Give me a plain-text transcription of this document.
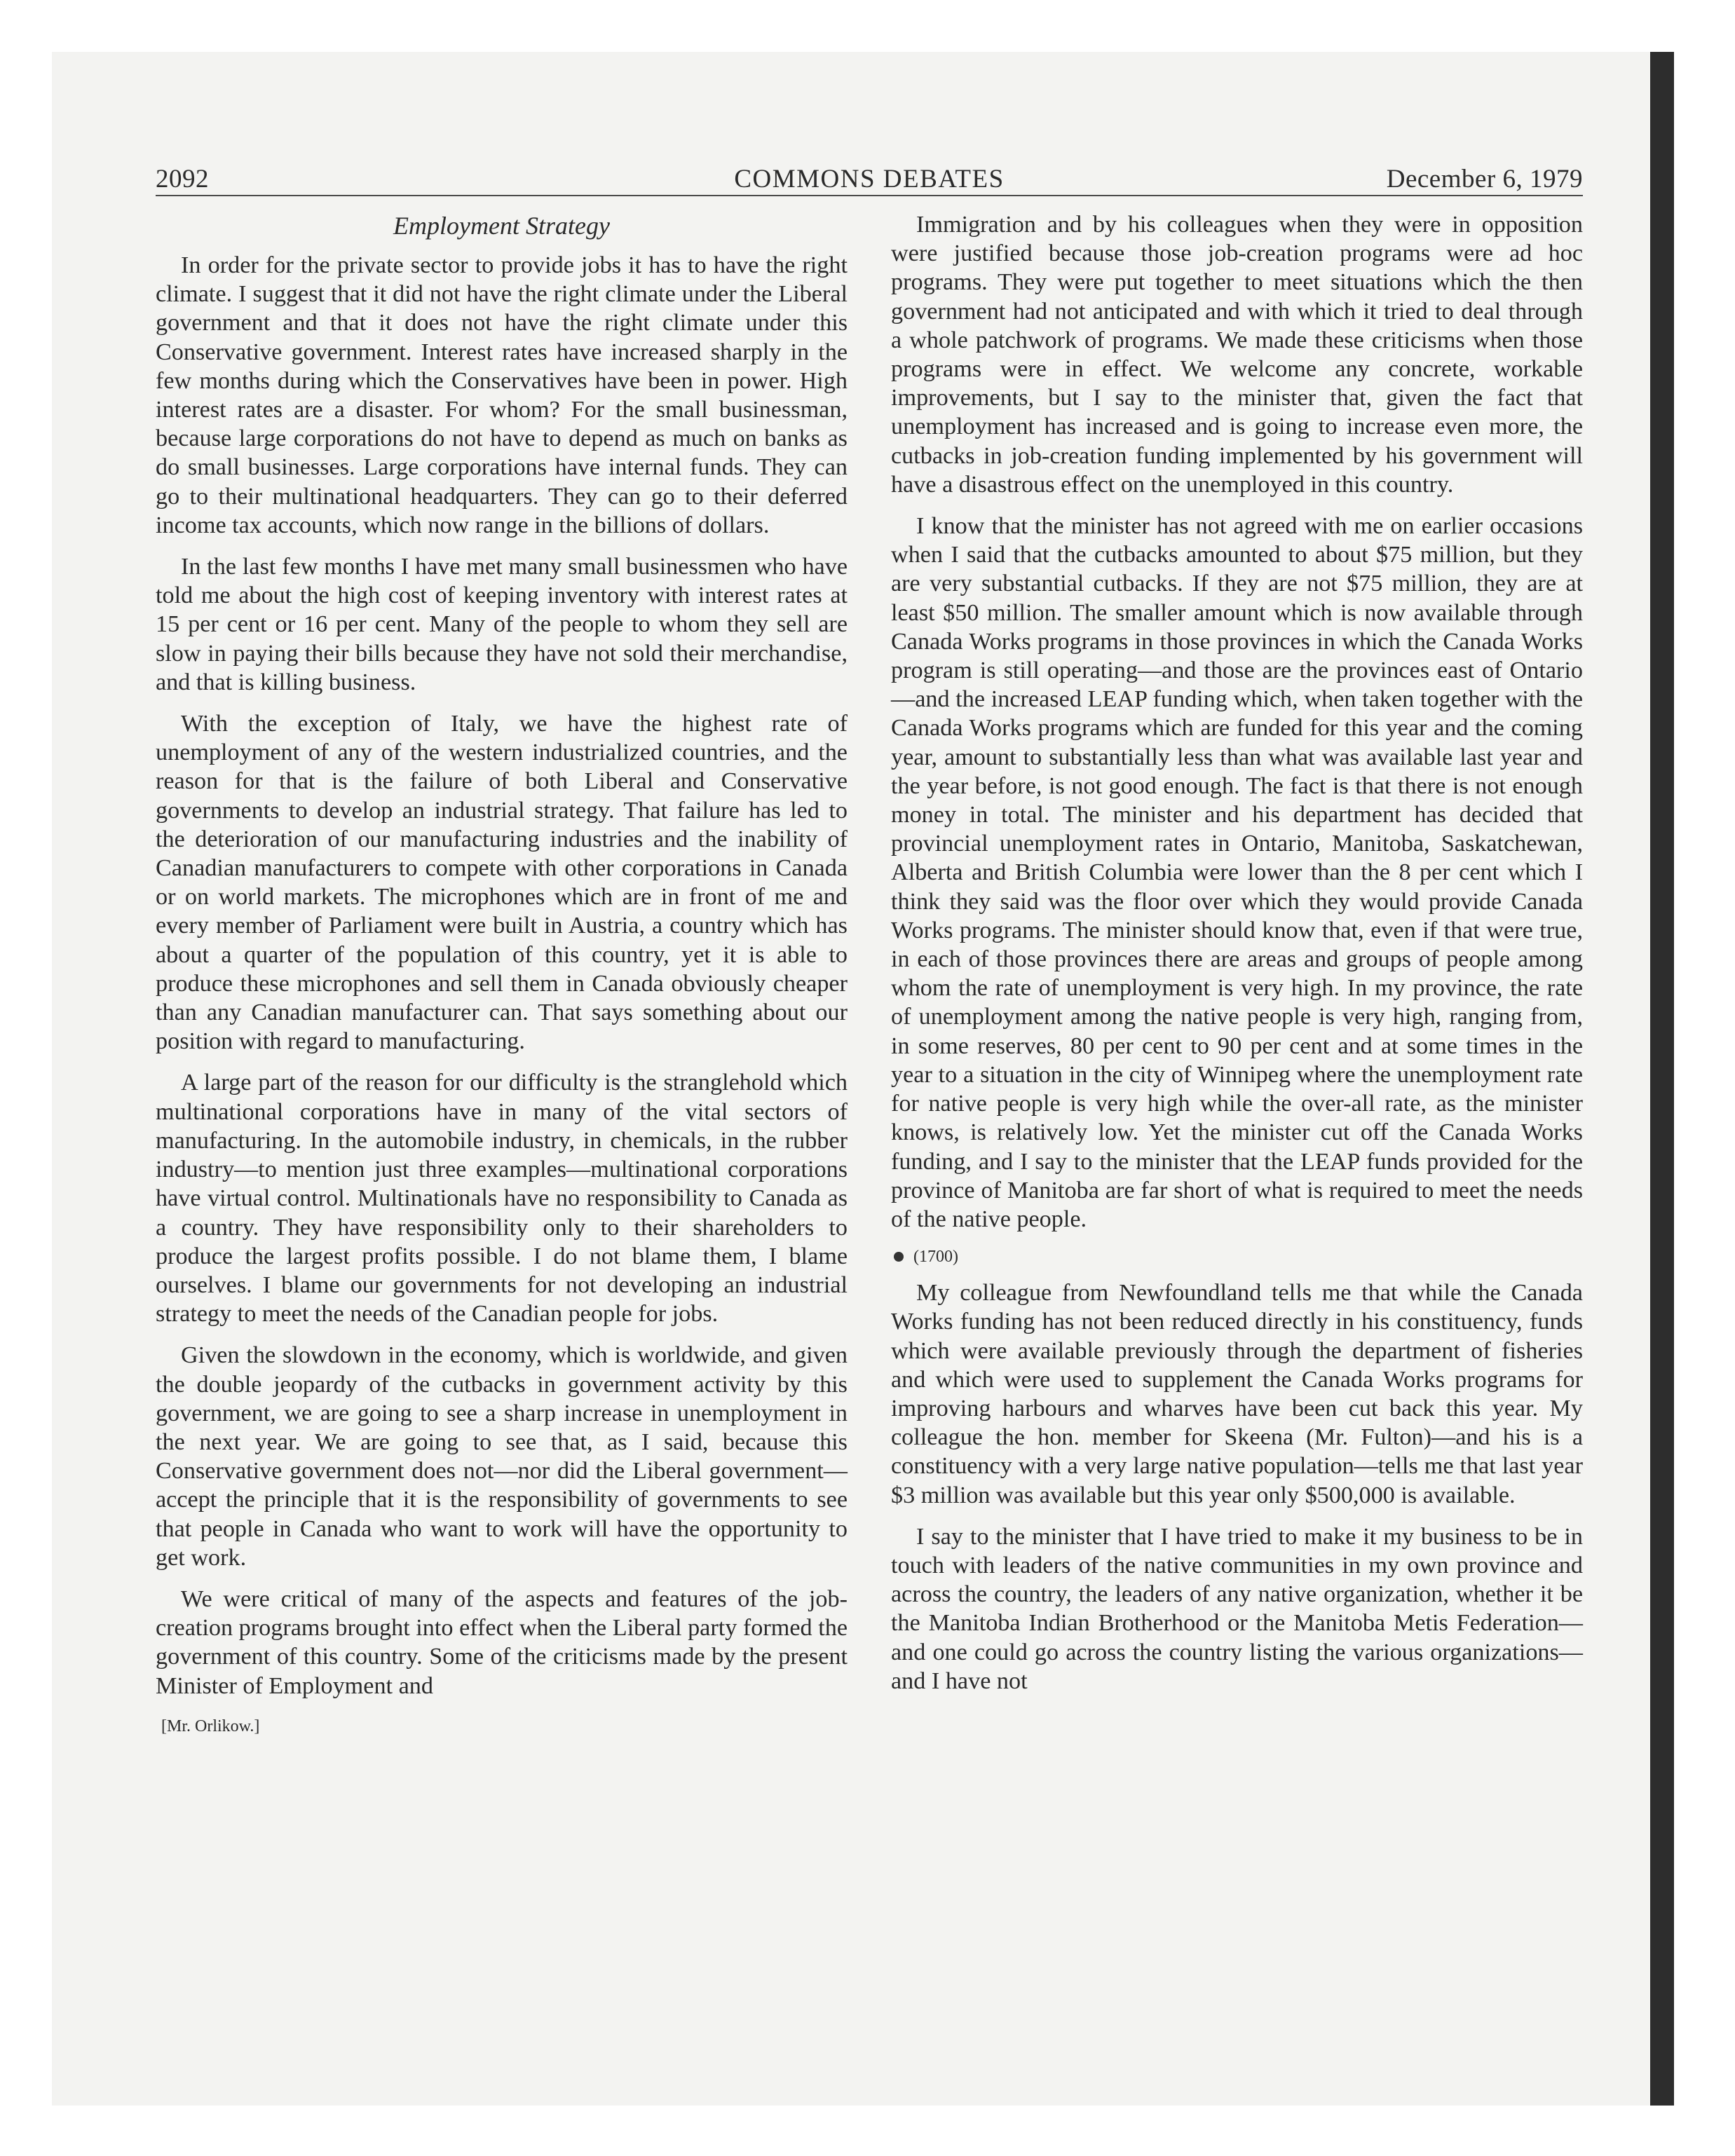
2092	COMMONS DEBATES	December 6, 1979
Employment Strategy

In order for the private sector to provide jobs it has to have the right climate. I suggest that it did not have the right climate under the Liberal government and that it does not have the right climate under this Conservative government. Interest rates have increased sharply in the few months during which the Conservatives have been in power. High interest rates are a disaster. For whom? For the small businessman, because large corporations do not have to depend as much on banks as do small businesses. Large corporations have internal funds. They can go to their multinational headquarters. They can go to their deferred income tax accounts, which now range in the billions of dollars.

In the last few months I have met many small businessmen who have told me about the high cost of keeping inventory with interest rates at 15 per cent or 16 per cent. Many of the people to whom they sell are slow in paying their bills because they have not sold their merchandise, and that is killing business.

With the exception of Italy, we have the highest rate of unemployment of any of the western industrialized countries, and the reason for that is the failure of both Liberal and Conservative governments to develop an industrial strategy. That failure has led to the deterioration of our manufacturing industries and the inability of Canadian manufacturers to compete with other corporations in Canada or on world markets. The microphones which are in front of me and every member of Parliament were built in Austria, a country which has about a quarter of the population of this country, yet it is able to produce these microphones and sell them in Canada obviously cheaper than any Canadian manufacturer can. That says something about our position with regard to manufacturing.

A large part of the reason for our difficulty is the stranglehold which multinational corporations have in many of the vital sectors of manufacturing. In the automobile industry, in chemicals, in the rubber industry—to mention just three examples—multinational corporations have virtual control. Multinationals have no responsibility to Canada as a country. They have responsibility only to their shareholders to produce the largest profits possible. I do not blame them, I blame ourselves. I blame our governments for not developing an industrial strategy to meet the needs of the Canadian people for jobs.

Given the slowdown in the economy, which is worldwide, and given the double jeopardy of the cutbacks in government activity by this government, we are going to see a sharp increase in unemployment in the next year. We are going to see that, as I said, because this Conservative government does not—nor did the Liberal government—accept the principle that it is the responsibility of governments to see that people in Canada who want to work will have the opportunity to get work.

We were critical of many of the aspects and features of the job-creation programs brought into effect when the Liberal party formed the government of this country. Some of the criticisms made by the present Minister of Employment and

[Mr. Orlikow.]

Immigration and by his colleagues when they were in opposition were justified because those job-creation programs were ad hoc programs. They were put together to meet situations which the then government had not anticipated and with which it tried to deal through a whole patchwork of programs. We made these criticisms when those programs were in effect. We welcome any concrete, workable improvements, but I say to the minister that, given the fact that unemployment has increased and is going to increase even more, the cutbacks in job-creation funding implemented by his government will have a disastrous effect on the unemployed in this country.

I know that the minister has not agreed with me on earlier occasions when I said that the cutbacks amounted to about $75 million, but they are very substantial cutbacks. If they are not $75 million, they are at least $50 million. The smaller amount which is now available through Canada Works programs in those provinces in which the Canada Works program is still operating—and those are the provinces east of Ontario—and the increased LEAP funding which, when taken together with the Canada Works programs which are funded for this year and the coming year, amount to substantially less than what was available last year and the year before, is not good enough. The fact is that there is not enough money in total. The minister and his department has decided that provincial unemployment rates in Ontario, Manitoba, Saskatchewan, Alberta and British Columbia were lower than the 8 per cent which I think they said was the floor over which they would provide Canada Works programs. The minister should know that, even if that were true, in each of those provinces there are areas and groups of people among whom the rate of unemployment is very high. In my province, the rate of unemployment among the native people is very high, ranging from, in some reserves, 80 per cent to 90 per cent and at some times in the year to a situation in the city of Winnipeg where the unemployment rate for native people is very high while the over-all rate, as the minister knows, is relatively low. Yet the minister cut off the Canada Works funding, and I say to the minister that the LEAP funds provided for the province of Manitoba are far short of what is required to meet the needs of the native people.

(1700)

My colleague from Newfoundland tells me that while the Canada Works funding has not been reduced directly in his constituency, funds which were available previously through the department of fisheries and which were used to supplement the Canada Works programs for improving harbours and wharves have been cut back this year. My colleague the hon. member for Skeena (Mr. Fulton)—and his is a constituency with a very large native population—tells me that last year $3 million was available but this year only $500,000 is available.

I say to the minister that I have tried to make it my business to be in touch with leaders of the native communities in my own province and across the country, the leaders of any native organization, whether it be the Manitoba Indian Brotherhood or the Manitoba Metis Federation—and one could go across the country listing the various organizations—and I have not
